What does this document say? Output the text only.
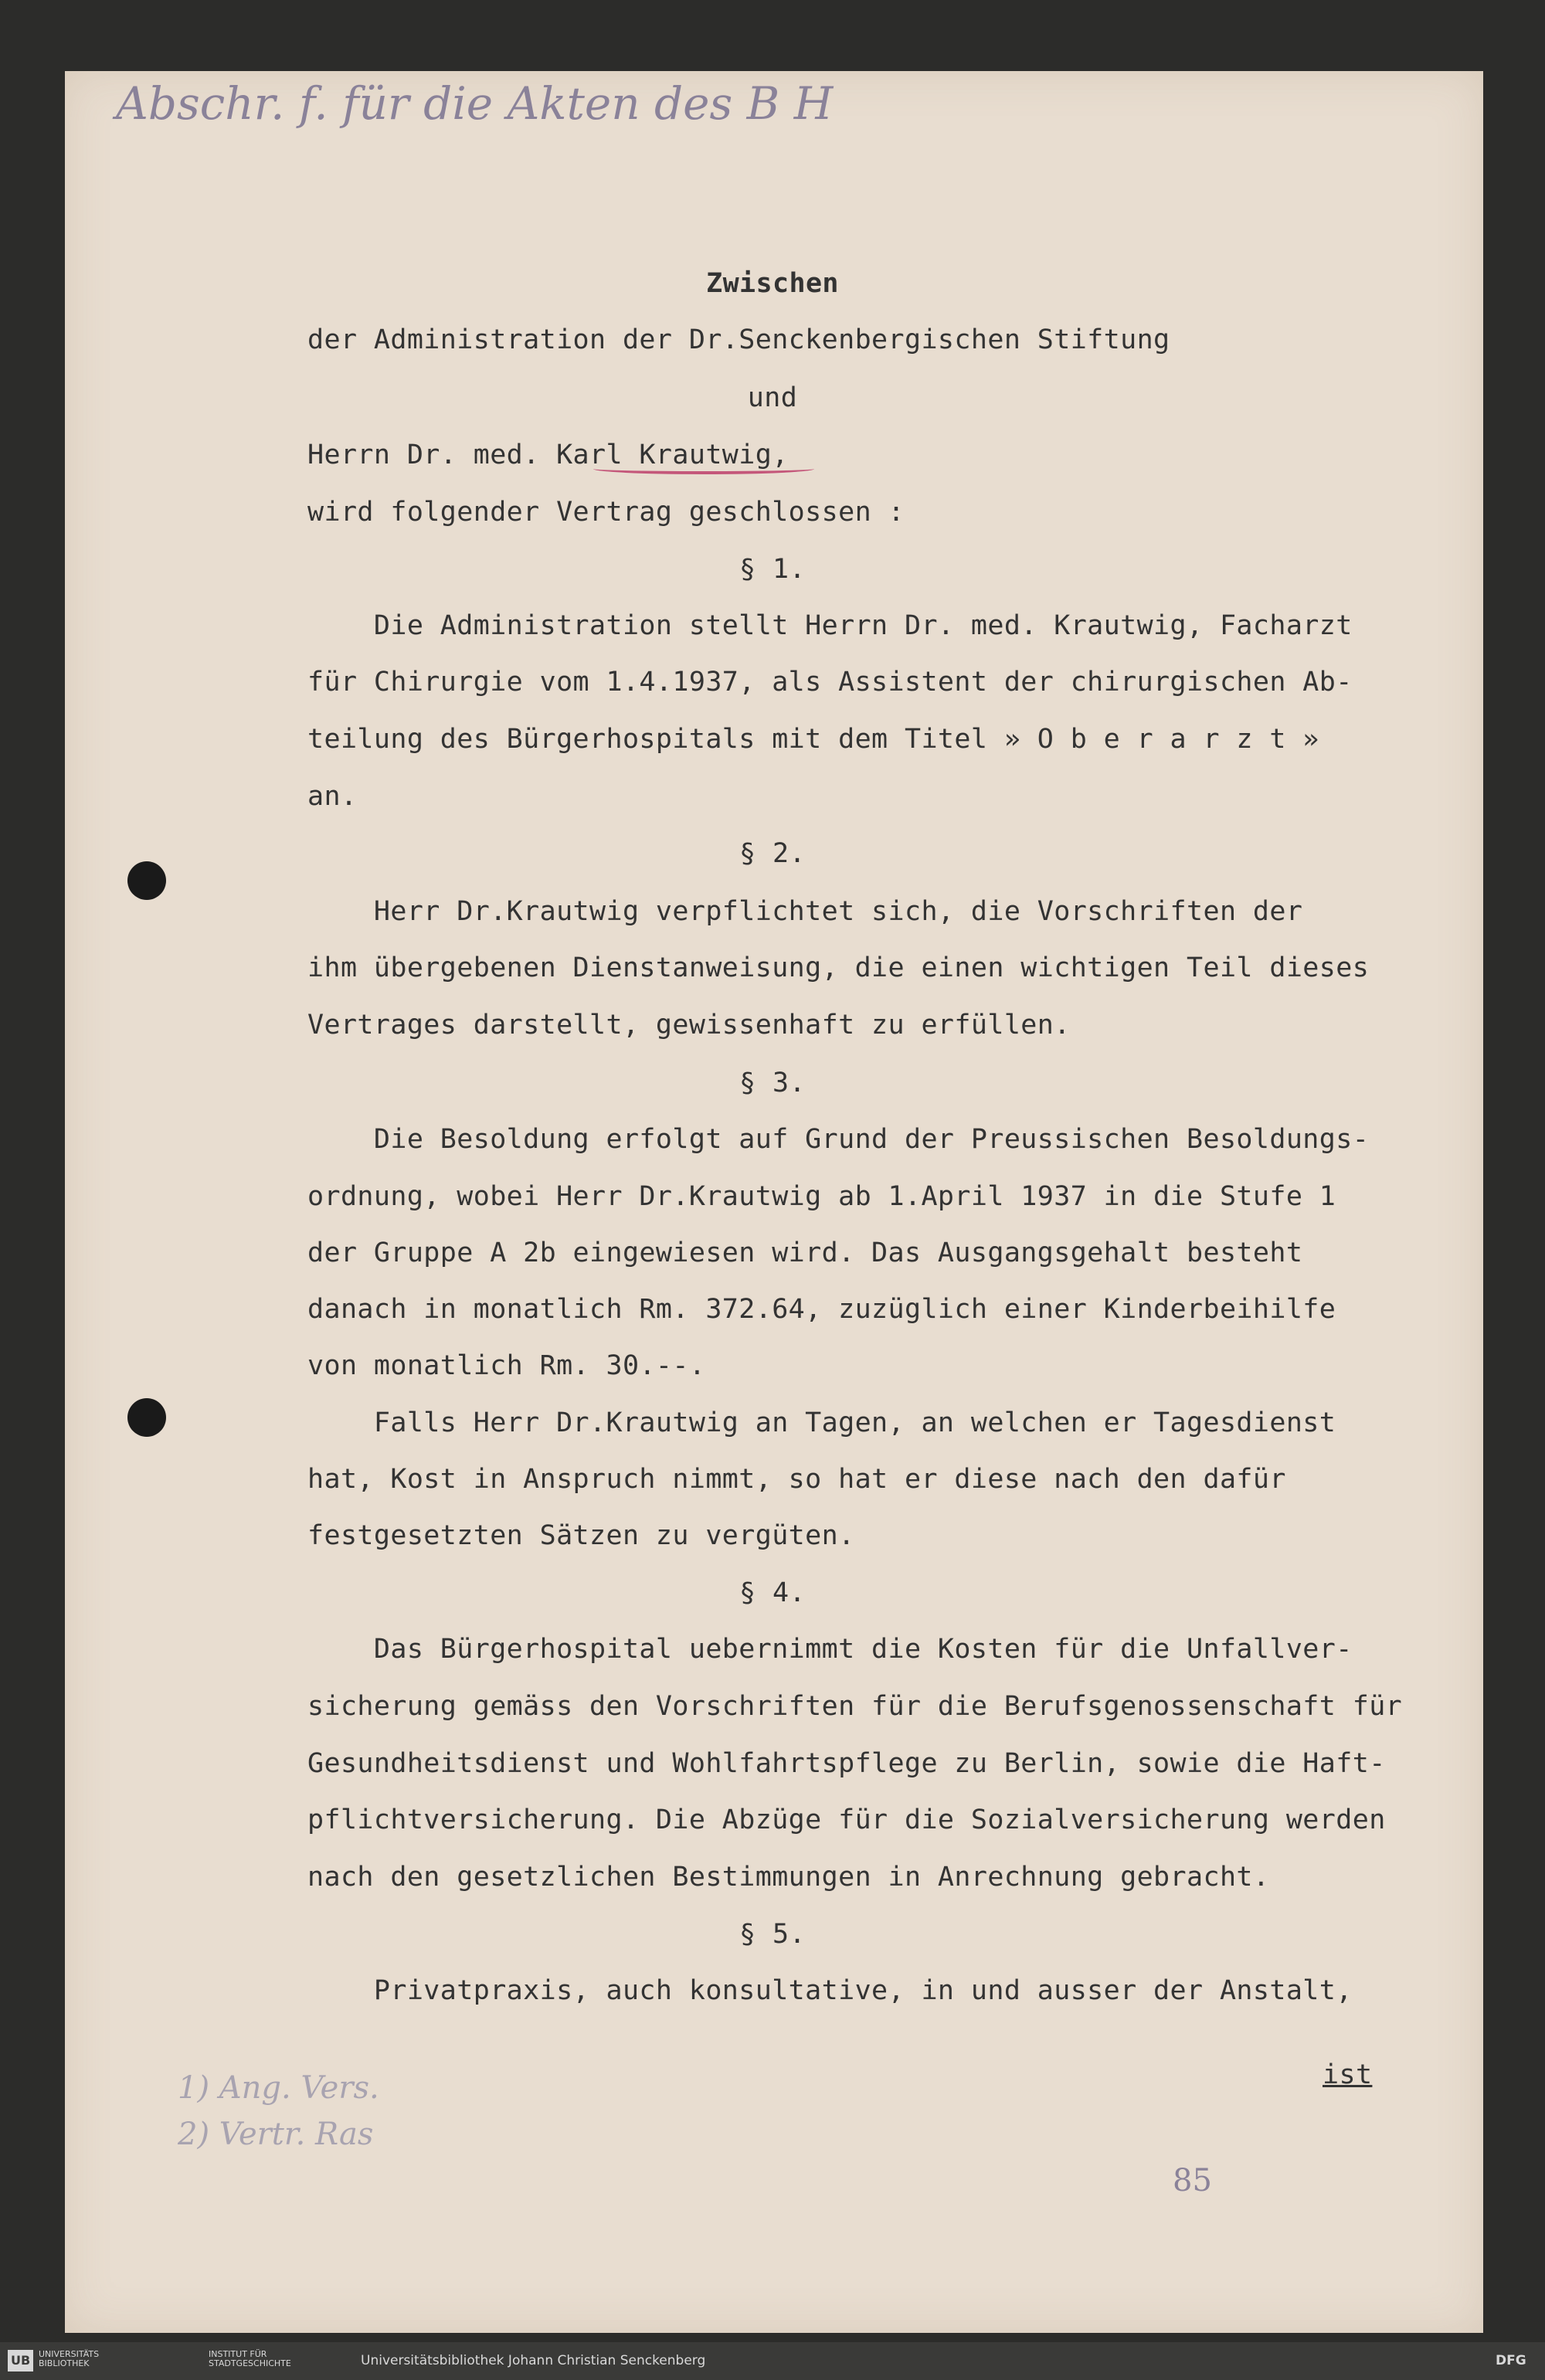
Abschr. f. für die Akten des B H
Zwischen
der Administration der Dr.Senckenbergischen Stiftung
und
Herrn Dr. med. Karl Krautwig,
wird folgender Vertrag geschlossen :
§ 1.
Die Administration stellt Herrn Dr. med. Krautwig, Facharzt
für Chirurgie vom 1.4.1937, als Assistent der chirurgischen Ab-
teilung des Bürgerhospitals mit dem Titel » O b e r a r z t »
an.
§ 2.
Herr Dr.Krautwig verpflichtet sich, die Vorschriften der
ihm übergebenen Dienstanweisung, die einen wichtigen Teil dieses
Vertrages darstellt, gewissenhaft zu erfüllen.
§ 3.
Die Besoldung erfolgt auf Grund der Preussischen Besoldungs-
ordnung, wobei Herr Dr.Krautwig ab 1.April 1937 in die Stufe 1
der Gruppe A 2b eingewiesen wird. Das Ausgangsgehalt besteht
danach in monatlich Rm. 372.64, zuzüglich einer Kinderbeihilfe
von monatlich Rm. 30.--.
Falls Herr Dr.Krautwig an Tagen, an welchen er Tagesdienst
hat, Kost in Anspruch nimmt, so hat er diese nach den dafür
festgesetzten Sätzen zu vergüten.
§ 4.
Das Bürgerhospital uebernimmt die Kosten für die Unfallver-
sicherung gemäss den Vorschriften für die Berufsgenossenschaft für
Gesundheitsdienst und Wohlfahrtspflege zu Berlin, sowie die Haft-
pflichtversicherung. Die Abzüge für die Sozialversicherung werden
nach den gesetzlichen Bestimmungen in Anrechnung gebracht.
§ 5.
Privatpraxis, auch konsultative, in und ausser der Anstalt,
ist
1) Ang. Vers.
2) Vertr. Ras
85
UB UNIVERSITÄTS BIBLIOTHEK
INSTITUT FÜR STADTGESCHICHTE	Universitätsbibliothek Johann Christian Senckenberg	DFG
